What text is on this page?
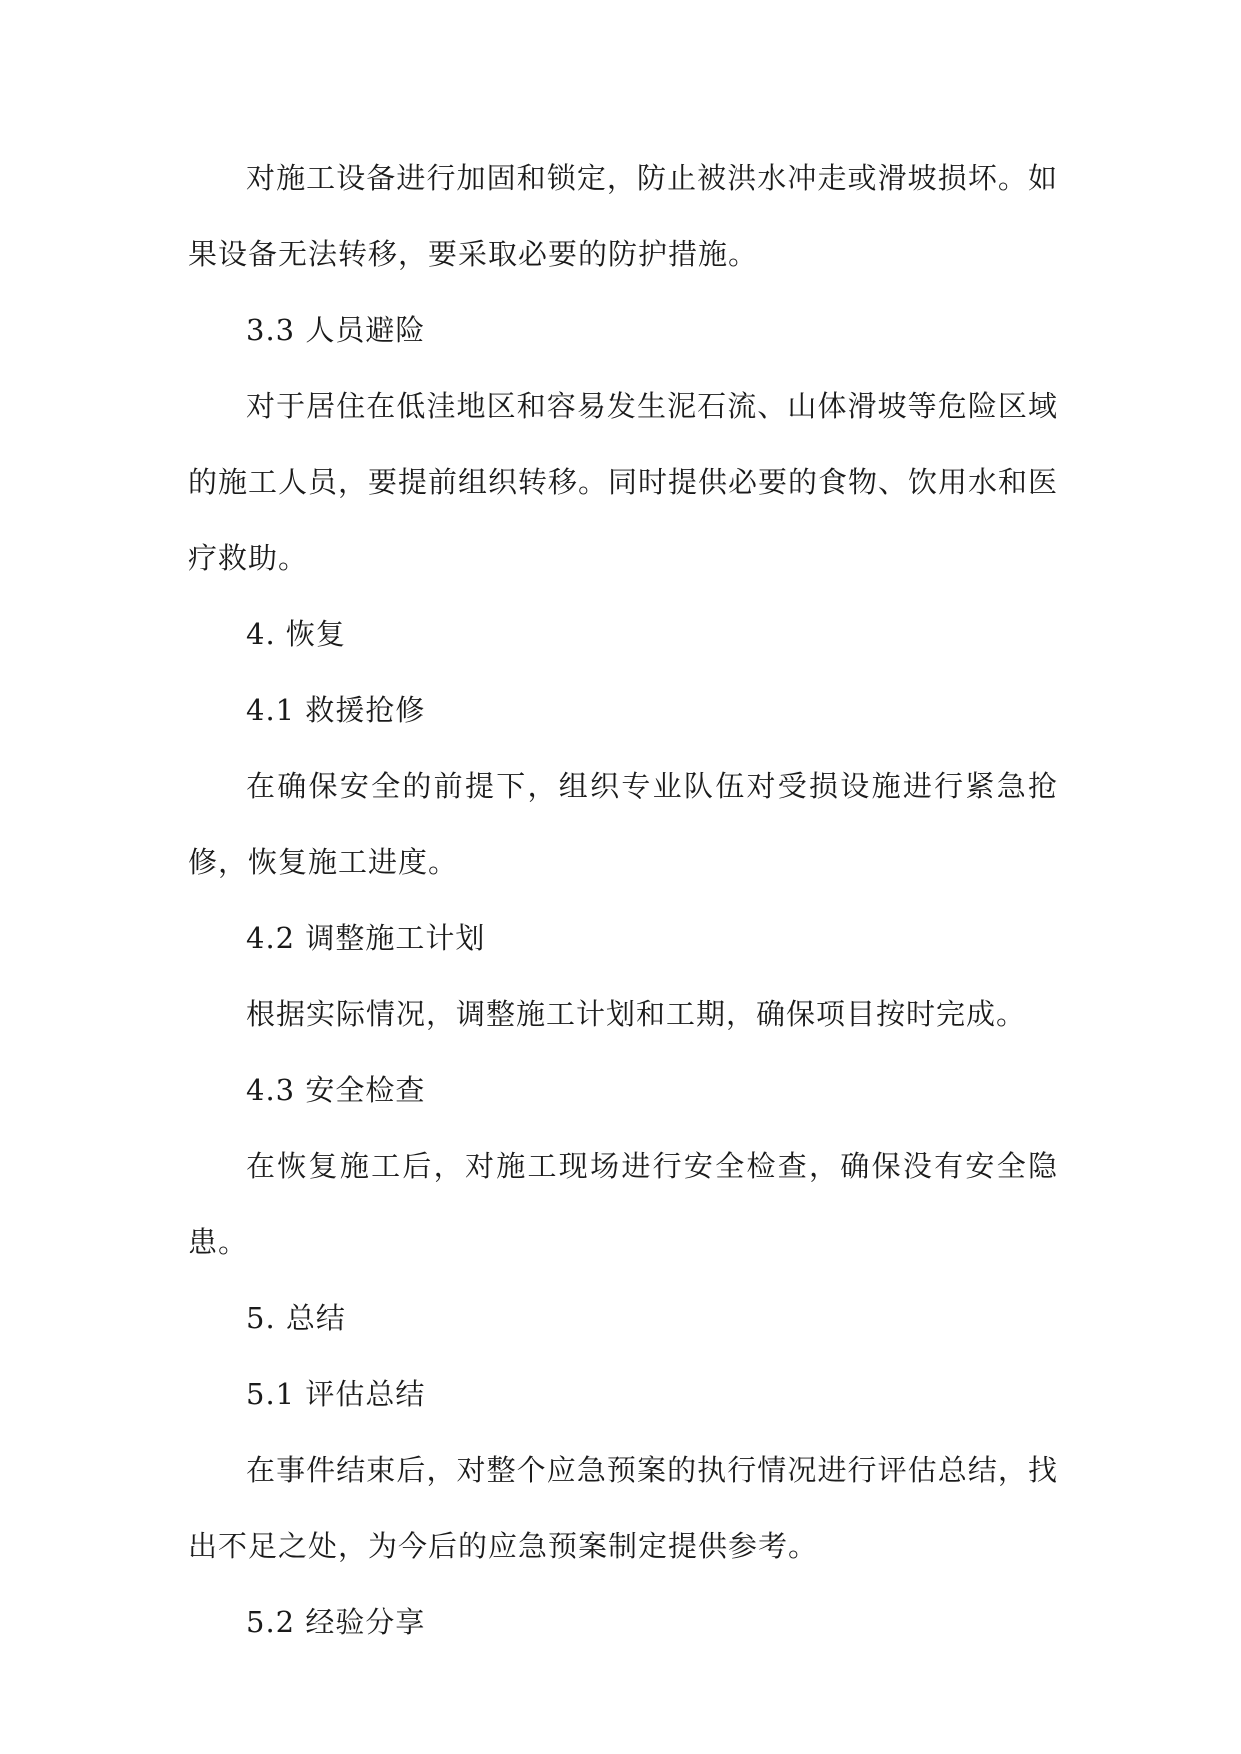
对施工设备进行加固和锁定，防止被洪水冲走或滑坡损坏。如果设备无法转移，要采取必要的防护措施。

3.3 人员避险

对于居住在低洼地区和容易发生泥石流、山体滑坡等危险区域的施工人员，要提前组织转移。同时提供必要的食物、饮用水和医疗救助。

4. 恢复

4.1 救援抢修

在确保安全的前提下，组织专业队伍对受损设施进行紧急抢修，恢复施工进度。

4.2 调整施工计划

根据实际情况，调整施工计划和工期，确保项目按时完成。

4.3 安全检查

在恢复施工后，对施工现场进行安全检查，确保没有安全隐患。

5. 总结

5.1 评估总结

在事件结束后，对整个应急预案的执行情况进行评估总结，找出不足之处，为今后的应急预案制定提供参考。

5.2 经验分享
